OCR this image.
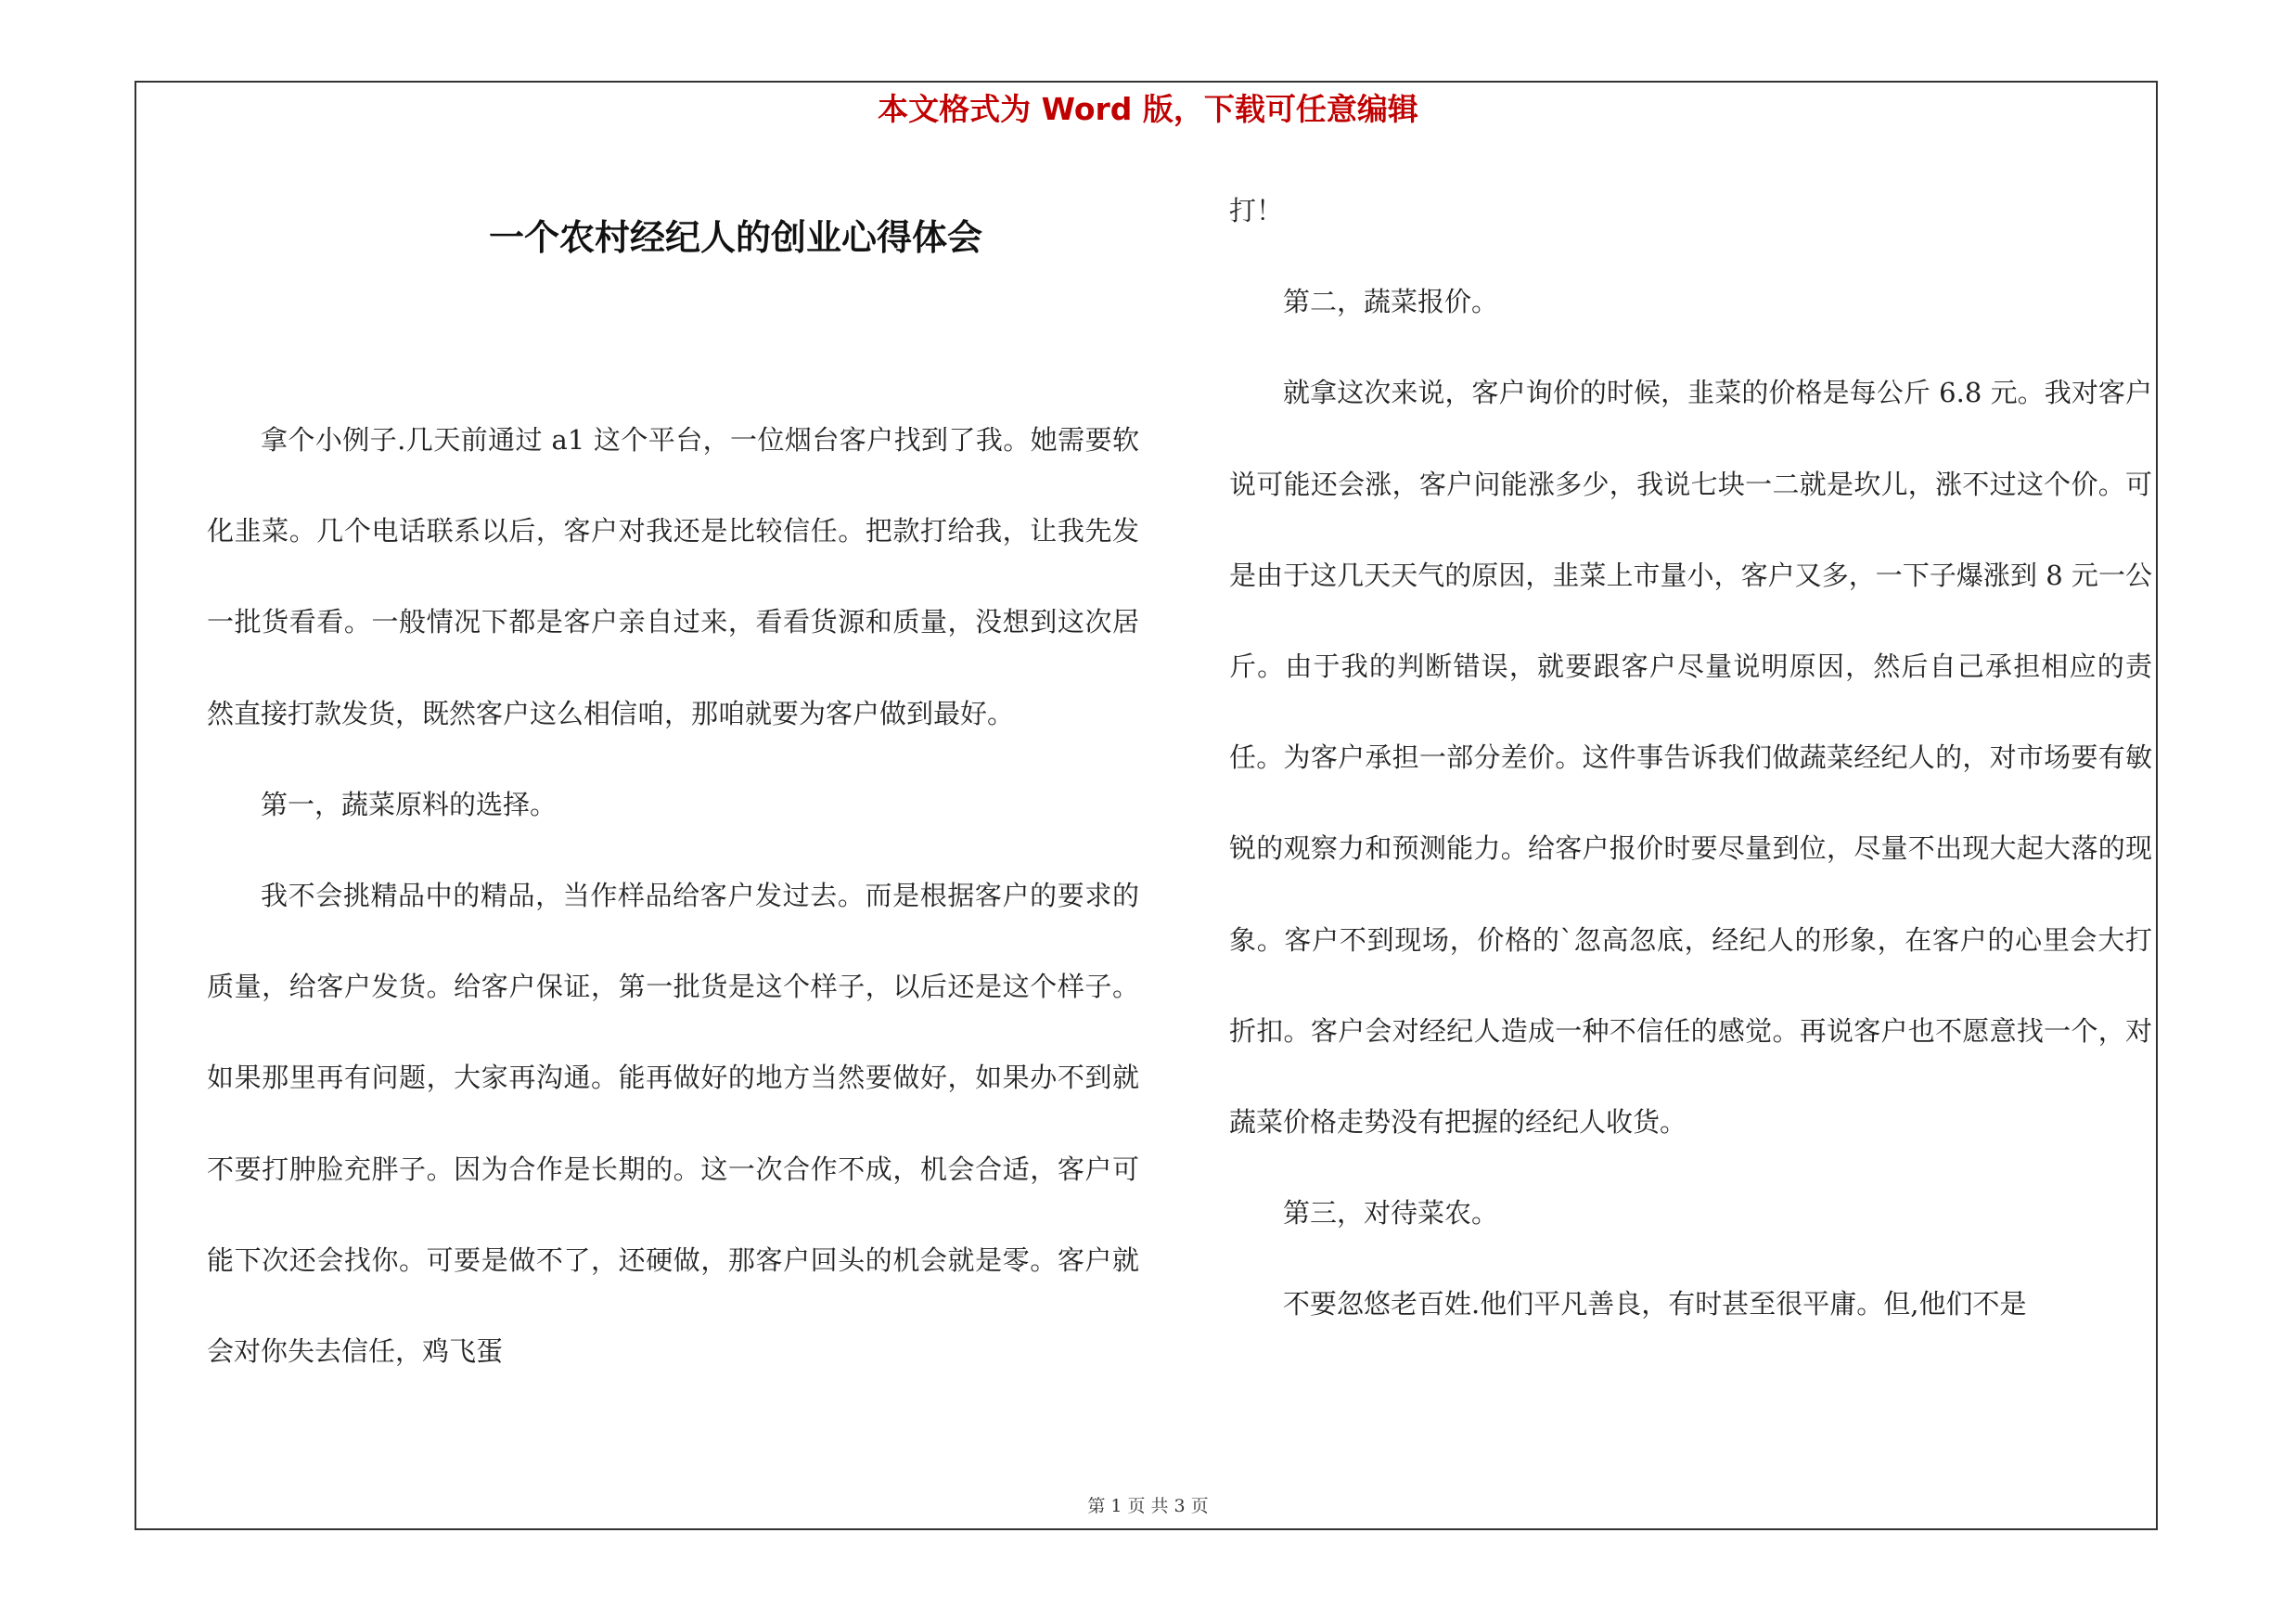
本文格式为 Word 版，下载可任意编辑
一个农村经纪人的创业心得体会

拿个小例子.几天前通过 a1 这个平台，一位烟台客户找到了我。她需要软化韭菜。几个电话联系以后，客户对我还是比较信任。把款打给我，让我先发一批货看看。一般情况下都是客户亲自过来，看看货源和质量，没想到这次居然直接打款发货，既然客户这么相信咱，那咱就要为客户做到最好。

第一，蔬菜原料的选择。

我不会挑精品中的精品，当作样品给客户发过去。而是根据客户的要求的质量，给客户发货。给客户保证，第一批货是这个样子，以后还是这个样子。如果那里再有问题，大家再沟通。能再做好的地方当然要做好，如果办不到就不要打肿脸充胖子。因为合作是长期的。这一次合作不成，机会合适，客户可能下次还会找你。可要是做不了，还硬做，那客户回头的机会就是零。客户就会对你失去信任，鸡飞蛋

打！

第二，蔬菜报价。

就拿这次来说，客户询价的时候，韭菜的价格是每公斤 6.8 元。我对客户说可能还会涨，客户问能涨多少，我说七块一二就是坎儿，涨不过这个价。可是由于这几天天气的原因，韭菜上市量小，客户又多，一下子爆涨到 8 元一公斤。由于我的判断错误，就要跟客户尽量说明原因，然后自己承担相应的责任。为客户承担一部分差价。这件事告诉我们做蔬菜经纪人的，对市场要有敏锐的观察力和预测能力。给客户报价时要尽量到位，尽量不出现大起大落的现象。客户不到现场，价格的`忽高忽底，经纪人的形象，在客户的心里会大打折扣。客户会对经纪人造成一种不信任的感觉。再说客户也不愿意找一个，对蔬菜价格走势没有把握的经纪人收货。

第三，对待菜农。

不要忽悠老百姓.他们平凡善良，有时甚至很平庸。但,他们不是

第 1 页 共 3 页
